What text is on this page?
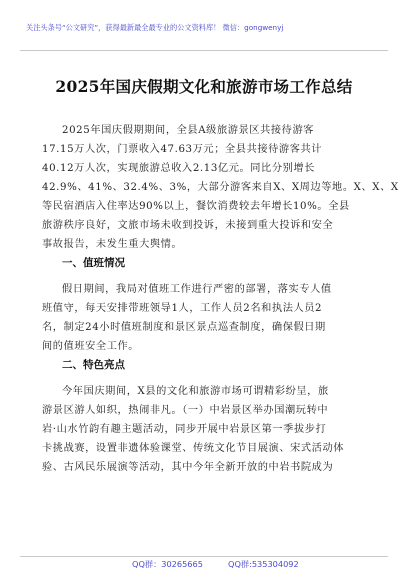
关注头条号“公文研究”，获得最新最全最专业的公文资料库！ 微信：gongwenyj
2025年国庆假期文化和旅游市场工作总结
2025年国庆假期期间，全县A级旅游景区共接待游客
17.15万人次，门票收入47.63万元；全县共接待游客共计
40.12万人次，实现旅游总收入2.13亿元。同比分别增长
42.9%、41%、32.4%、3%，大部分游客来自X、X周边等地。X、X、X
等民宿酒店入住率达90%以上，餐饮消费较去年增长10%。全县
旅游秩序良好，文旅市场未收到投诉，未接到重大投诉和安全
事故报告，未发生重大舆情。
一、值班情况
假日期间，我局对值班工作进行严密的部署，落实专人值
班值守，每天安排带班领导1人，工作人员2名和执法人员2
名，制定24小时值班制度和景区景点巡查制度，确保假日期
间的值班安全工作。
二、特色亮点
今年国庆期间，X县的文化和旅游市场可谓精彩纷呈，旅
游景区游人如织，热闹非凡。（一）中岩景区举办国潮玩转中
岩·山水竹韵有趣主题活动，同步开展中岩景区第一季拔步打
卡挑战赛，设置非遗体验课堂、传统文化节目展演、宋式活动体
验、古风民乐展演等活动，其中今年全新开放的中岩书院成为
QQ群：30265665	QQ群:535304092
